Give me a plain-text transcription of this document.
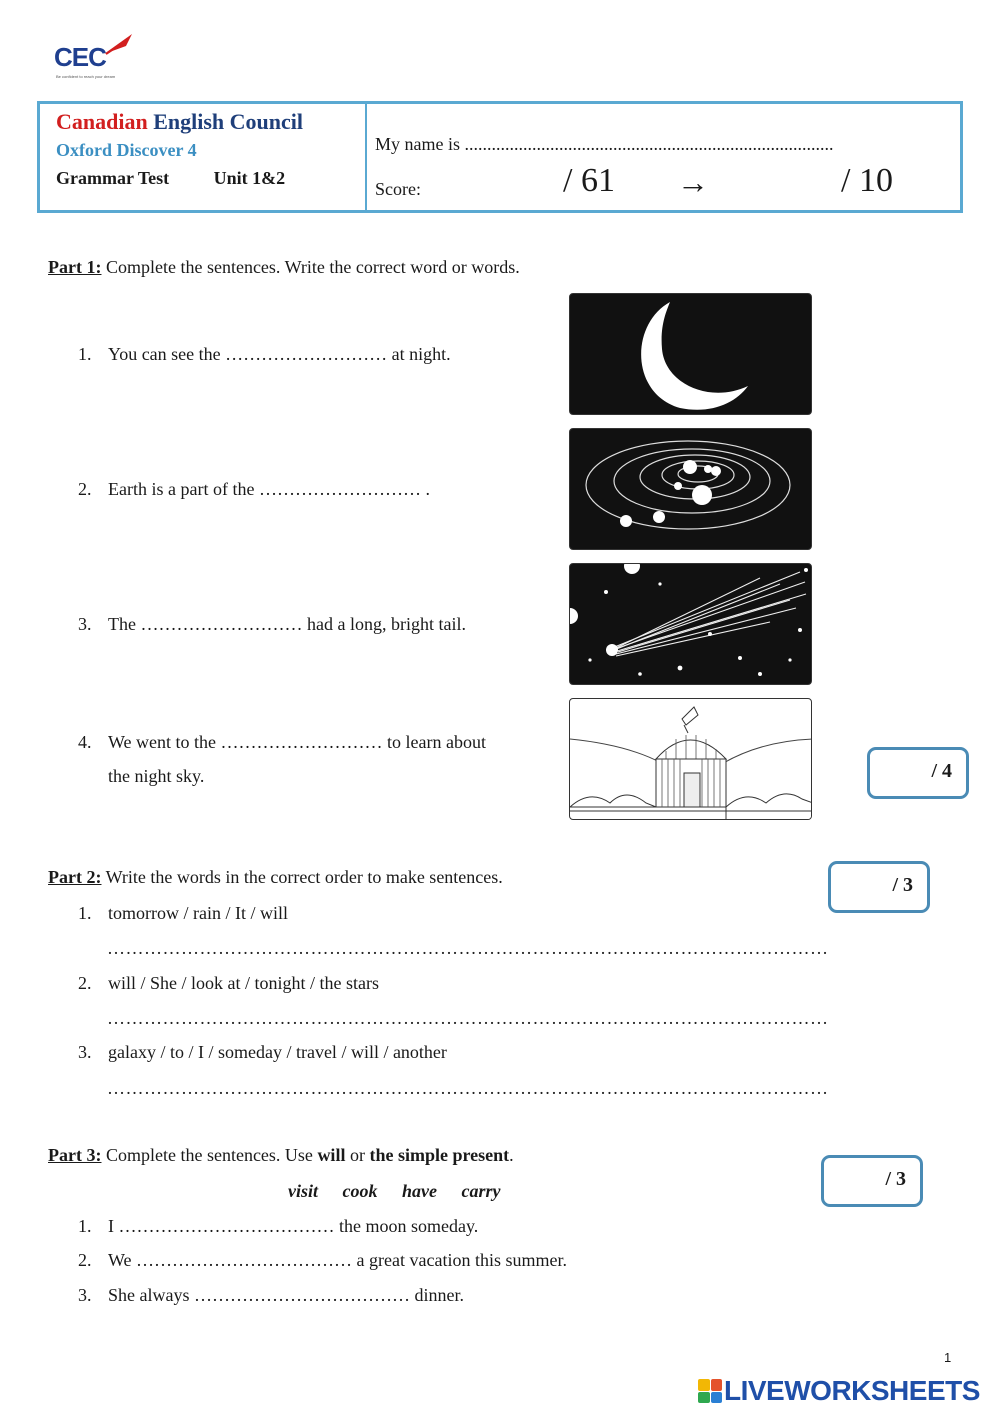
CEC
Be confident to reach your dream
Canadian English Council
Oxford Discover 4
Grammar Test Unit 1&2
My name is ..................................................................................
Score:	/ 61 →	/ 10
Part 1: Complete the sentences. Write the correct word or words.
1. You can see the ……………………… at night.
2. Earth is a part of the ……………………… .
3. The ……………………… had a long, bright tail.
4. We went to the ……………………… to learn about
the night sky.	/ 4
Part 2: Write the words in the correct order to make sentences.	/ 3
1. tomorrow / rain / It / will
………………………………………………………………………………………………………
2. will / She / look at / tonight / the stars
………………………………………………………………………………………………………
3. galaxy / to / I / someday / travel / will / another
………………………………………………………………………………………………………
Part 3: Complete the sentences. Use will or the simple present.
/ 3
visit cook have carry
1. I ……………………………… the moon someday.
2. We ……………………………… a great vacation this summer.
3. She always ……………………………… dinner.
1
LIVEWORKSHEETS
